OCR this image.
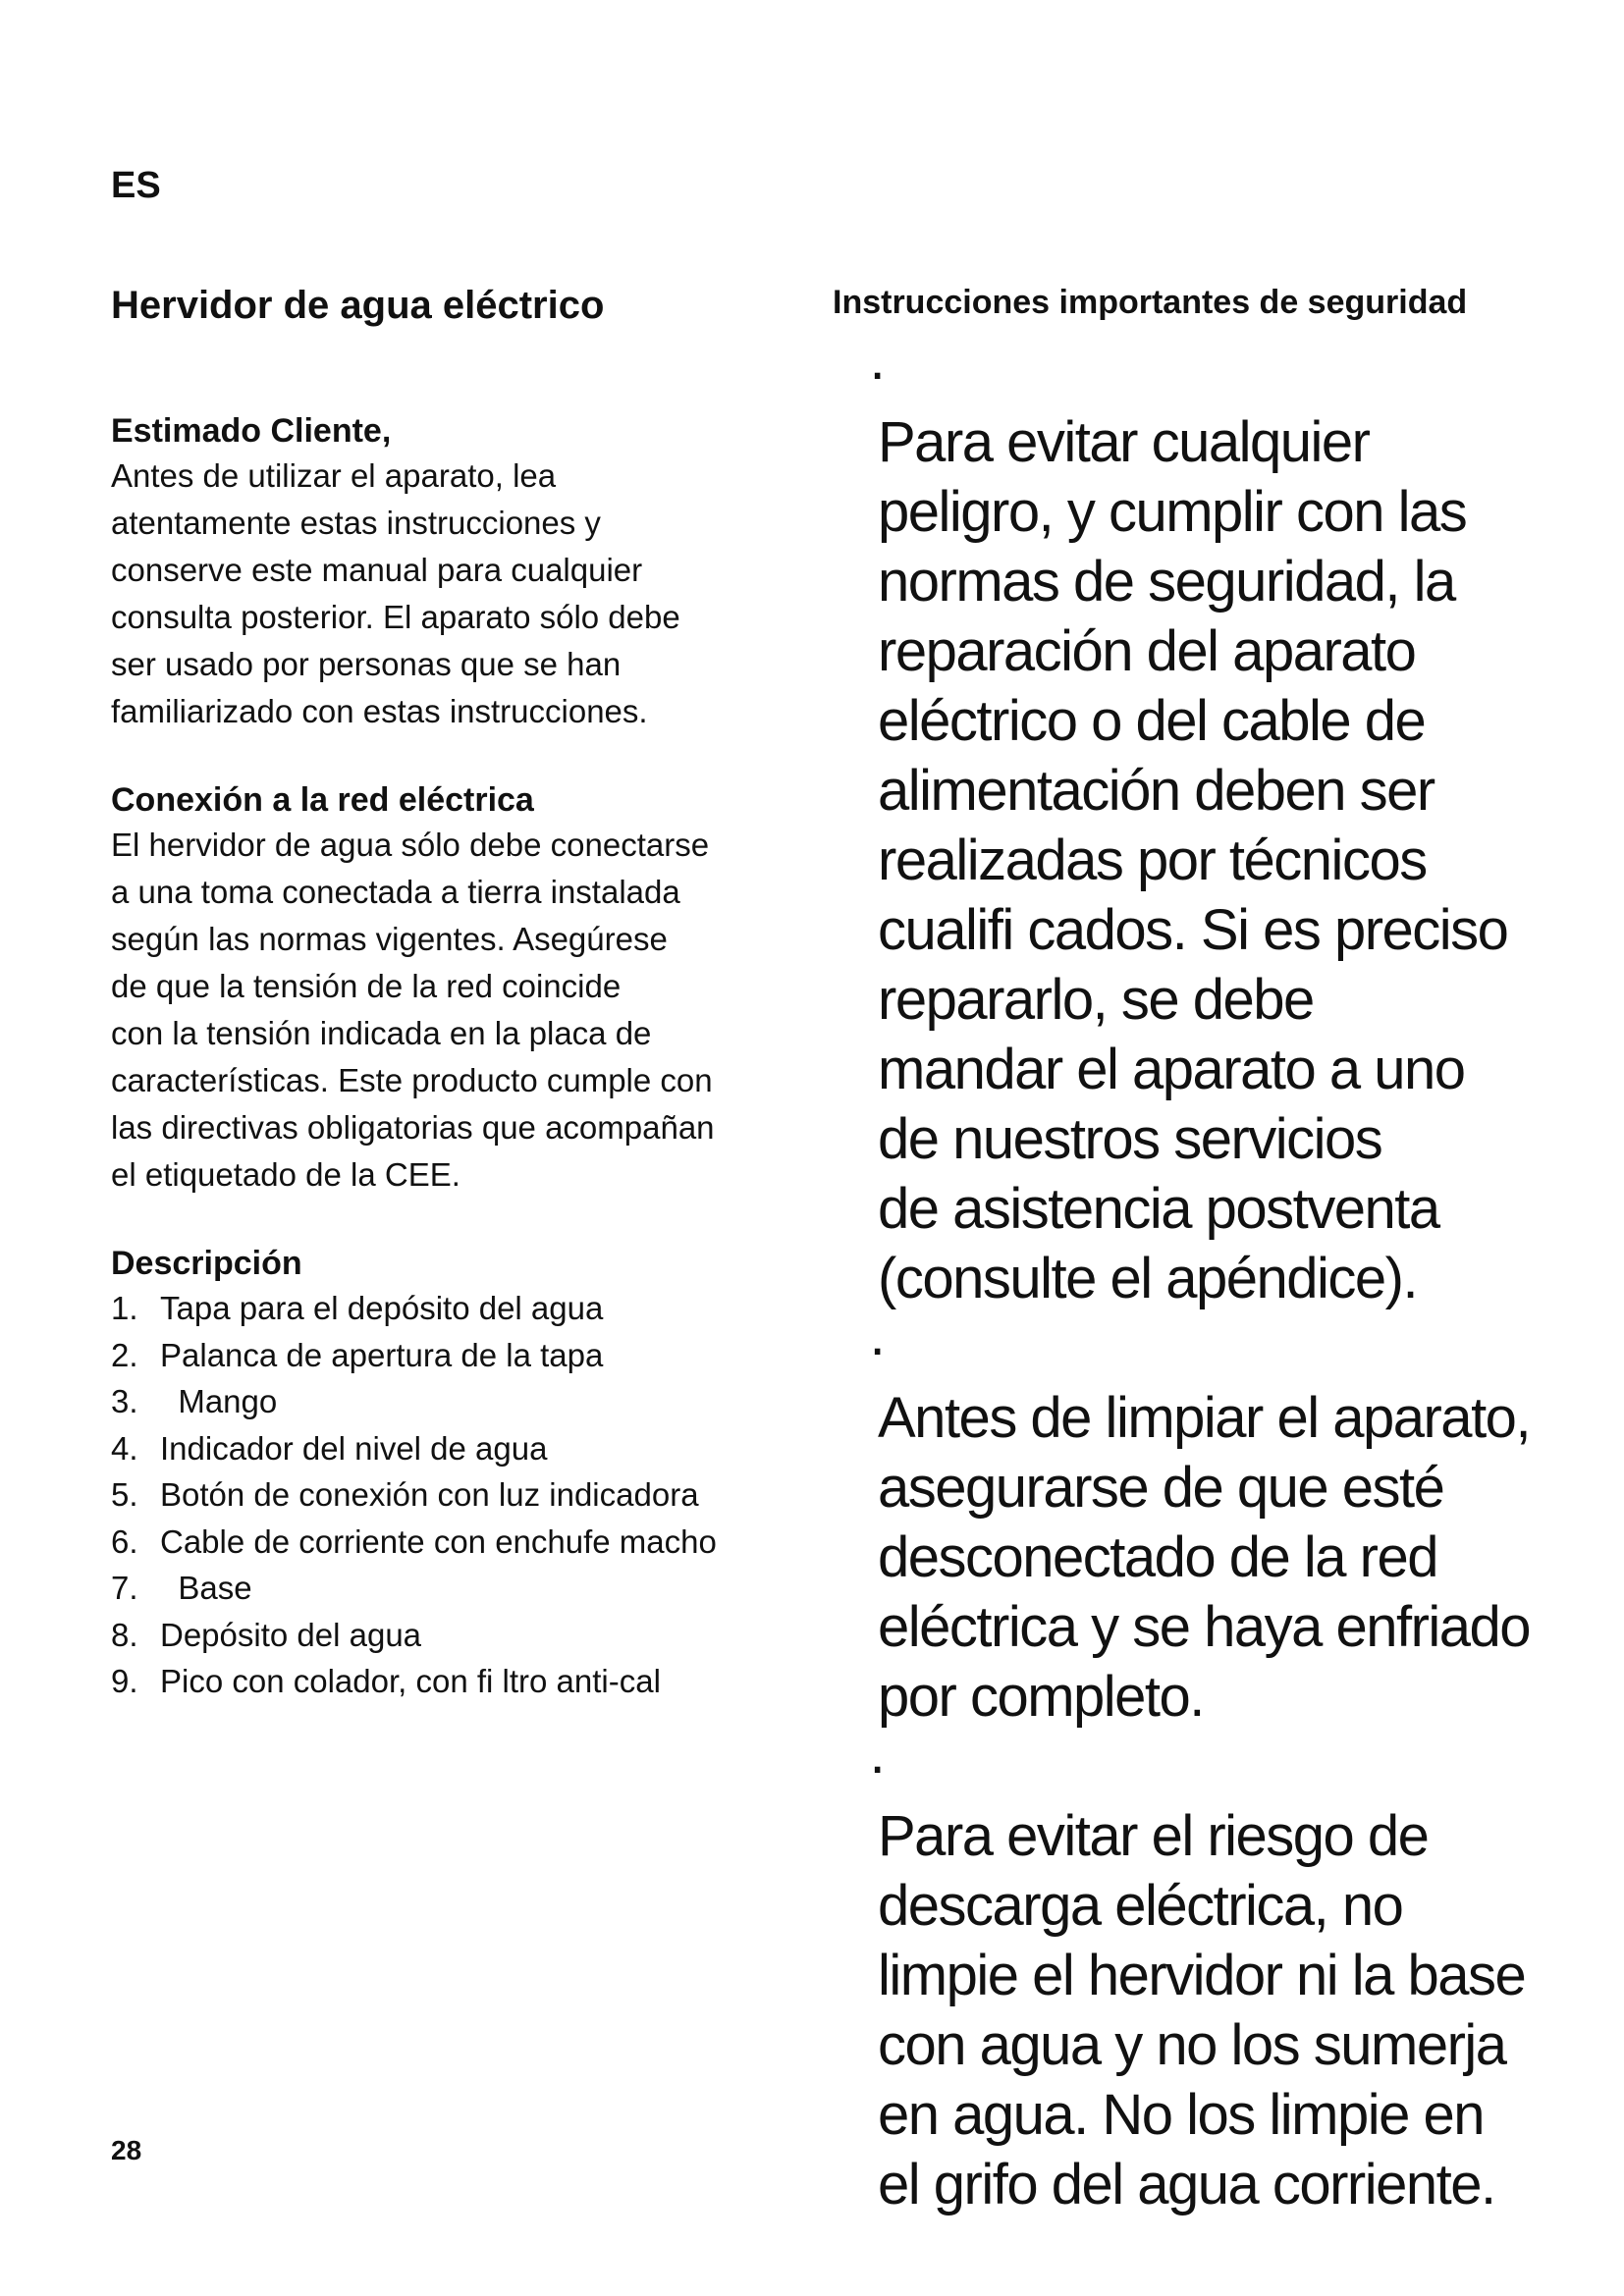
ES
Hervidor de agua eléctrico
Estimado Cliente,

Antes de utilizar el aparato, lea
atentamente estas instrucciones y
conserve este manual para cualquier
consulta posterior. El aparato sólo debe
ser usado por personas que se han
familiarizado con estas instrucciones.

Conexión a la red eléctrica

El hervidor de agua sólo debe conectarse
a una toma conectada a tierra instalada
según las normas vigentes. Asegúrese
de que la tensión de la red coincide
con la tensión indicada en la placa de
características. Este producto cumple con
las directivas obligatorias que acompañan
el etiquetado de la CEE.

Descripción
1. Tapa para el depósito del agua
2. Palanca de apertura de la tapa
3. Mango
4. Indicador del nivel de agua
5. Botón de conexión con luz indicadora
6. Cable de corriente con enchufe macho
7. Base
8. Depósito del agua
9. Pico con colador, con fi ltro anti-cal
Instrucciones importantes de seguridad

·
Para evitar cualquier
peligro, y cumplir con las
normas de seguridad, la
reparación del aparato
eléctrico o del cable de
alimentación deben ser
realizadas por técnicos
cualifi cados. Si es preciso
repararlo, se debe
mandar el aparato a uno
de nuestros servicios
de asistencia postventa
(consulte el apéndice).

·
Antes de limpiar el aparato,
asegurarse de que esté
desconectado de la red
eléctrica y se haya enfriado
por completo.

·
Para evitar el riesgo de
descarga eléctrica, no
limpie el hervidor ni la base
con agua y no los sumerja
en agua. No los limpie en
el grifo del agua corriente.

28
